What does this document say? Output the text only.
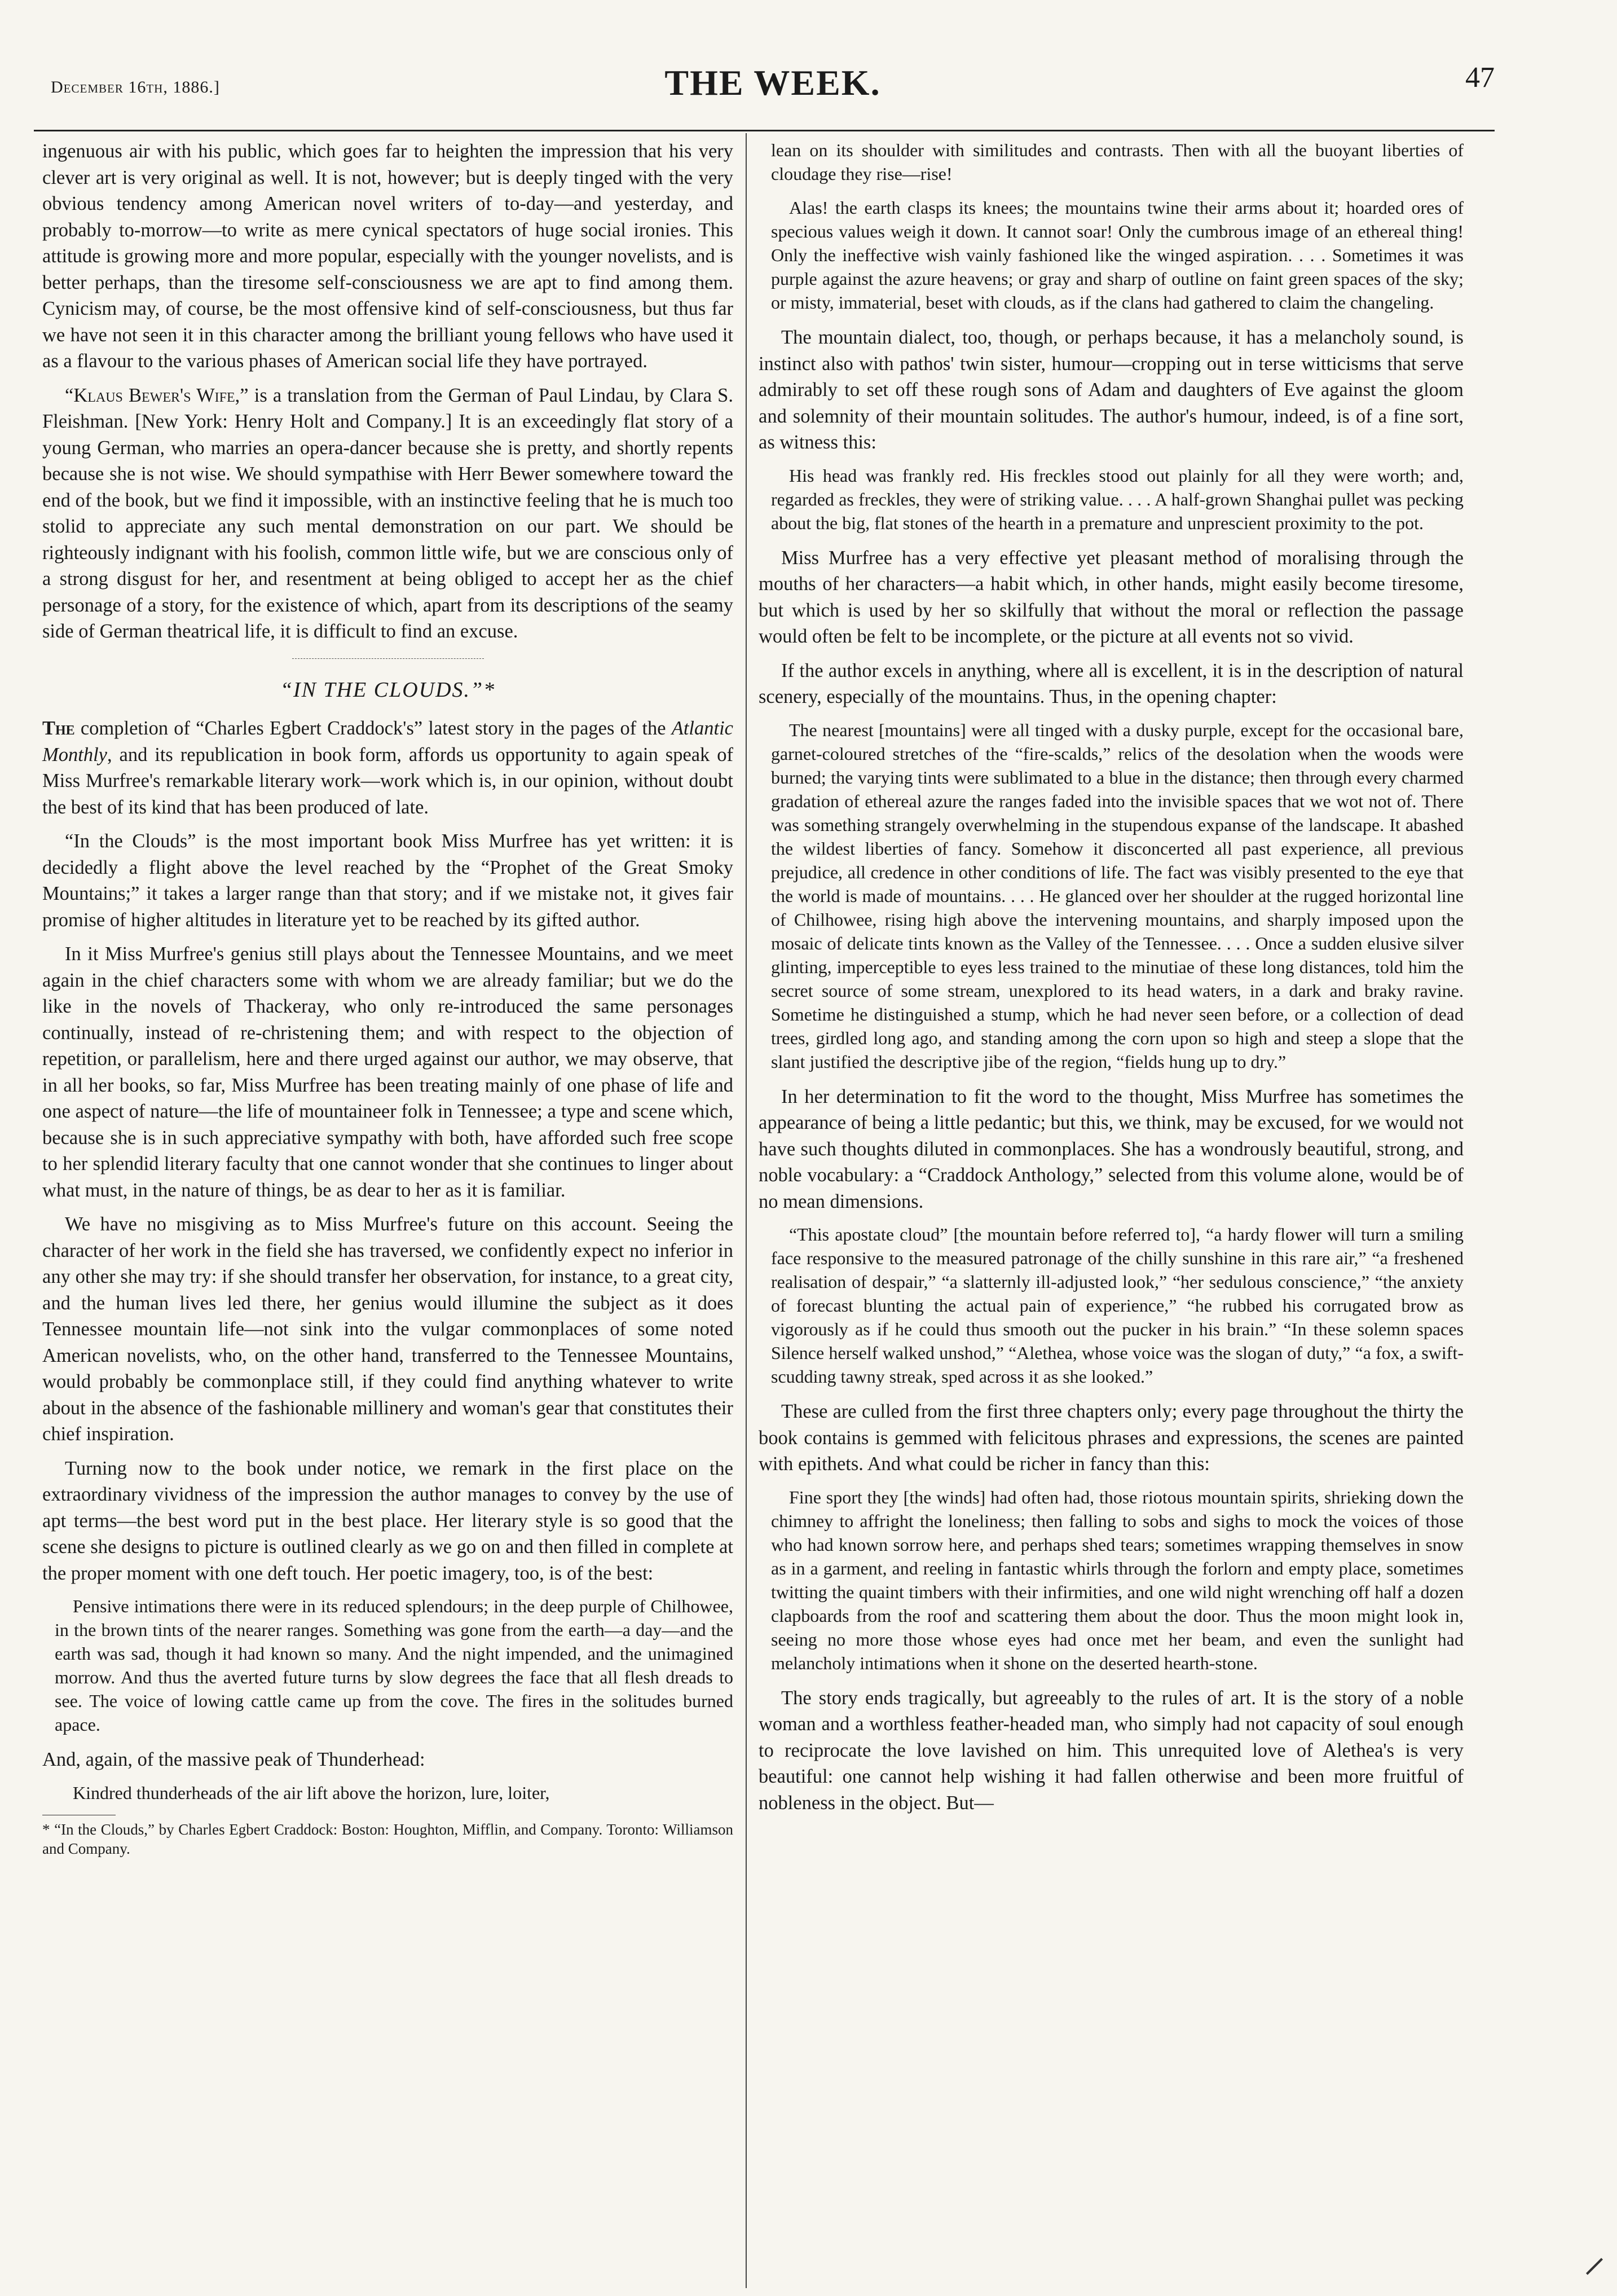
December 16th, 1886.]	THE WEEK.	47

ingenuous air with his public, which goes far to heighten the impression that his very clever art is very original as well. It is not, however; but is deeply tinged with the very obvious tendency among American novel writers of to-day—and yesterday, and probably to-morrow—to write as mere cynical spectators of huge social ironies. This attitude is growing more and more popular, especially with the younger novelists, and is better perhaps, than the tiresome self-consciousness we are apt to find among them. Cynicism may, of course, be the most offensive kind of self-consciousness, but thus far we have not seen it in this character among the brilliant young fellows who have used it as a flavour to the various phases of American social life they have portrayed.

“Klaus Bewer's Wife,” is a translation from the German of Paul Lindau, by Clara S. Fleishman. [New York: Henry Holt and Company.] It is an exceedingly flat story of a young German, who marries an opera-dancer because she is pretty, and shortly repents because she is not wise. We should sympathise with Herr Bewer somewhere toward the end of the book, but we find it impossible, with an instinctive feeling that he is much too stolid to appreciate any such mental demonstration on our part. We should be righteously indignant with his foolish, common little wife, but we are conscious only of a strong disgust for her, and resentment at being obliged to accept her as the chief personage of a story, for the existence of which, apart from its descriptions of the seamy side of German theatrical life, it is difficult to find an excuse.

“IN THE CLOUDS.”*

The completion of “Charles Egbert Craddock's” latest story in the pages of the Atlantic Monthly, and its republication in book form, affords us opportunity to again speak of Miss Murfree's remarkable literary work—work which is, in our opinion, without doubt the best of its kind that has been produced of late.

“In the Clouds” is the most important book Miss Murfree has yet written: it is decidedly a flight above the level reached by the “Prophet of the Great Smoky Mountains;” it takes a larger range than that story; and if we mistake not, it gives fair promise of higher altitudes in literature yet to be reached by its gifted author.

In it Miss Murfree's genius still plays about the Tennessee Mountains, and we meet again in the chief characters some with whom we are already familiar; but we do the like in the novels of Thackeray, who only re-introduced the same personages continually, instead of re-christening them; and with respect to the objection of repetition, or parallelism, here and there urged against our author, we may observe, that in all her books, so far, Miss Murfree has been treating mainly of one phase of life and one aspect of nature—the life of mountaineer folk in Tennessee; a type and scene which, because she is in such appreciative sympathy with both, have afforded such free scope to her splendid literary faculty that one cannot wonder that she continues to linger about what must, in the nature of things, be as dear to her as it is familiar.

We have no misgiving as to Miss Murfree's future on this account. Seeing the character of her work in the field she has traversed, we confidently expect no inferior in any other she may try: if she should transfer her observation, for instance, to a great city, and the human lives led there, her genius would illumine the subject as it does Tennessee mountain life—not sink into the vulgar commonplaces of some noted American novelists, who, on the other hand, transferred to the Tennessee Mountains, would probably be commonplace still, if they could find anything whatever to write about in the absence of the fashionable millinery and woman's gear that constitutes their chief inspiration.

Turning now to the book under notice, we remark in the first place on the extraordinary vividness of the impression the author manages to convey by the use of apt terms—the best word put in the best place. Her literary style is so good that the scene she designs to picture is outlined clearly as we go on and then filled in complete at the proper moment with one deft touch. Her poetic imagery, too, is of the best:

Pensive intimations there were in its reduced splendours; in the deep purple of Chilhowee, in the brown tints of the nearer ranges. Something was gone from the earth—a day—and the earth was sad, though it had known so many. And the night impended, and the unimagined morrow. And thus the averted future turns by slow degrees the face that all flesh dreads to see. The voice of lowing cattle came up from the cove. The fires in the solitudes burned apace.

And, again, of the massive peak of Thunderhead:

Kindred thunderheads of the air lift above the horizon, lure, loiter,

* “In the Clouds,” by Charles Egbert Craddock: Boston: Houghton, Mifflin, and Company. Toronto: Williamson and Company.

lean on its shoulder with similitudes and contrasts. Then with all the buoyant liberties of cloudage they rise—rise!

Alas! the earth clasps its knees; the mountains twine their arms about it; hoarded ores of specious values weigh it down. It cannot soar! Only the cumbrous image of an ethereal thing! Only the ineffective wish vainly fashioned like the winged aspiration. . . . Sometimes it was purple against the azure heavens; or gray and sharp of outline on faint green spaces of the sky; or misty, immaterial, beset with clouds, as if the clans had gathered to claim the changeling.

The mountain dialect, too, though, or perhaps because, it has a melancholy sound, is instinct also with pathos' twin sister, humour—cropping out in terse witticisms that serve admirably to set off these rough sons of Adam and daughters of Eve against the gloom and solemnity of their mountain solitudes. The author's humour, indeed, is of a fine sort, as witness this:

His head was frankly red. His freckles stood out plainly for all they were worth; and, regarded as freckles, they were of striking value. . . . A half-grown Shanghai pullet was pecking about the big, flat stones of the hearth in a premature and unprescient proximity to the pot.

Miss Murfree has a very effective yet pleasant method of moralising through the mouths of her characters—a habit which, in other hands, might easily become tiresome, but which is used by her so skilfully that without the moral or reflection the passage would often be felt to be incomplete, or the picture at all events not so vivid.

If the author excels in anything, where all is excellent, it is in the description of natural scenery, especially of the mountains. Thus, in the opening chapter:

The nearest [mountains] were all tinged with a dusky purple, except for the occasional bare, garnet-coloured stretches of the “fire-scalds,” relics of the desolation when the woods were burned; the varying tints were sublimated to a blue in the distance; then through every charmed gradation of ethereal azure the ranges faded into the invisible spaces that we wot not of. There was something strangely overwhelming in the stupendous expanse of the landscape. It abashed the wildest liberties of fancy. Somehow it disconcerted all past experience, all previous prejudice, all credence in other conditions of life. The fact was visibly presented to the eye that the world is made of mountains. . . . He glanced over her shoulder at the rugged horizontal line of Chilhowee, rising high above the intervening mountains, and sharply imposed upon the mosaic of delicate tints known as the Valley of the Tennessee. . . . Once a sudden elusive silver glinting, imperceptible to eyes less trained to the minutiae of these long distances, told him the secret source of some stream, unexplored to its head waters, in a dark and braky ravine. Sometime he distinguished a stump, which he had never seen before, or a collection of dead trees, girdled long ago, and standing among the corn upon so high and steep a slope that the slant justified the descriptive jibe of the region, “fields hung up to dry.”

In her determination to fit the word to the thought, Miss Murfree has sometimes the appearance of being a little pedantic; but this, we think, may be excused, for we would not have such thoughts diluted in commonplaces. She has a wondrously beautiful, strong, and noble vocabulary: a “Craddock Anthology,” selected from this volume alone, would be of no mean dimensions.

“This apostate cloud” [the mountain before referred to], “a hardy flower will turn a smiling face responsive to the measured patronage of the chilly sunshine in this rare air,” “a freshened realisation of despair,” “a slatternly ill-adjusted look,” “her sedulous conscience,” “the anxiety of forecast blunting the actual pain of experience,” “he rubbed his corrugated brow as vigorously as if he could thus smooth out the pucker in his brain.” “In these solemn spaces Silence herself walked unshod,” “Alethea, whose voice was the slogan of duty,” “a fox, a swift-scudding tawny streak, sped across it as she looked.”

These are culled from the first three chapters only; every page throughout the thirty the book contains is gemmed with felicitous phrases and expressions, the scenes are painted with epithets. And what could be richer in fancy than this:

Fine sport they [the winds] had often had, those riotous mountain spirits, shrieking down the chimney to affright the loneliness; then falling to sobs and sighs to mock the voices of those who had known sorrow here, and perhaps shed tears; sometimes wrapping themselves in snow as in a garment, and reeling in fantastic whirls through the forlorn and empty place, sometimes twitting the quaint timbers with their infirmities, and one wild night wrenching off half a dozen clapboards from the roof and scattering them about the door. Thus the moon might look in, seeing no more those whose eyes had once met her beam, and even the sunlight had melancholy intimations when it shone on the deserted hearth-stone.

The story ends tragically, but agreeably to the rules of art. It is the story of a noble woman and a worthless feather-headed man, who simply had not capacity of soul enough to reciprocate the love lavished on him. This unrequited love of Alethea's is very beautiful: one cannot help wishing it had fallen otherwise and been more fruitful of nobleness in the object. But—

⸝
